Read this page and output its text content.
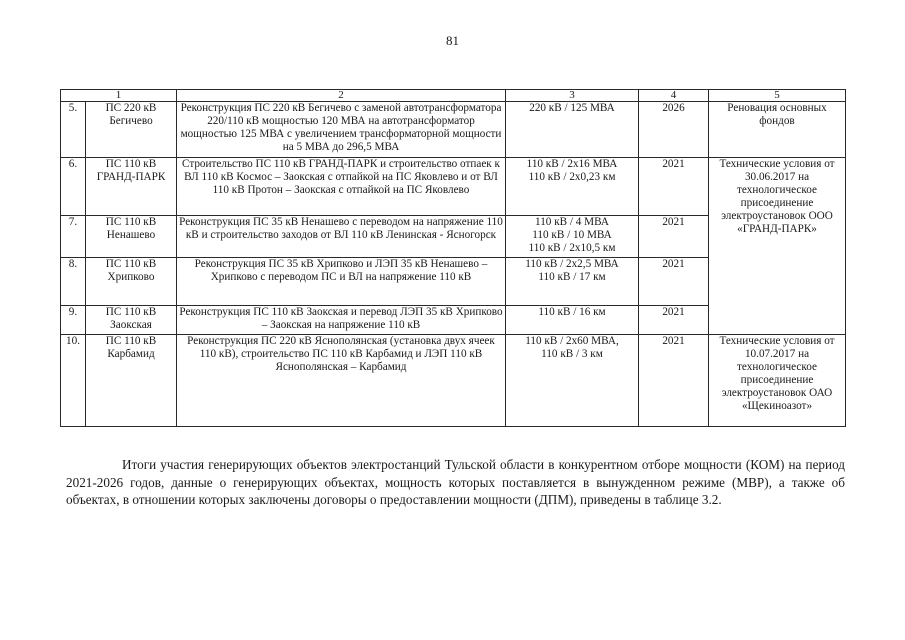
81
1		2	3	4	5
5.	ПС 220 кВ Бегичево	Реконструкция ПС 220 кВ Бегичево с заменой автотрансформатора 220/110 кВ мощностью 120 МВА на автотрансформатор мощностью 125 МВА с увеличением трансформаторной мощности на 5 МВА до 296,5 МВА	220 кВ / 125 МВА	2026	Реновация основных фондов
6.	ПС 110 кВ ГРАНД-ПАРК	Строительство ПС 110 кВ ГРАНД-ПАРК и строительство отпаек к ВЛ 110 кВ Космос – Заокская с отпайкой на ПС Яковлево и от ВЛ 110 кВ Протон – Заокская с отпайкой на ПС Яковлево	110 кВ / 2х16 МВА
110 кВ / 2х0,23 км	2021	Технические условия от 30.06.2017 на технологическое присоединение электроустановок ООО «ГРАНД-ПАРК»
7.	ПС 110 кВ Ненашево	Реконструкция ПС 35 кВ Ненашево с переводом на напряжение 110 кВ и строительство заходов от ВЛ 110 кВ Ленинская - Ясногорск	110 кВ / 4 МВА
110 кВ / 10 МВА
110 кВ / 2х10,5 км	2021	
8.	ПС 110 кВ Хрипково	Реконструкция ПС 35 кВ Хрипково и ЛЭП 35 кВ Ненашево – Хрипково с переводом ПС и ВЛ на напряжение 110 кВ	110 кВ / 2х2,5 МВА
110 кВ / 17 км	2021	
9.	ПС 110 кВ Заокская	Реконструкция ПС 110 кВ Заокская и перевод ЛЭП 35 кВ Хрипково – Заокская на напряжение 110 кВ	110 кВ / 16 км	2021	
10.	ПС 110 кВ Карбамид	Реконструкция ПС 220 кВ Яснополянская (установка двух ячеек 110 кВ), строительство ПС 110 кВ Карбамид и ЛЭП 110 кВ Яснополянская – Карбамид	110 кВ / 2х60 МВА,
110 кВ / 3 км	2021	Технические условия от 10.07.2017 на технологическое присоединение электроустановок ОАО «Щекиноазот»

Итоги участия генерирующих объектов электростанций Тульской области в конкурентном отборе мощности (КОМ) на период 2021-2026 годов, данные о генерирующих объектах, мощность которых поставляется в вынужденном режиме (МВР), а также об объектах, в отношении которых заключены договоры о предоставлении мощности (ДПМ), приведены в таблице 3.2.
